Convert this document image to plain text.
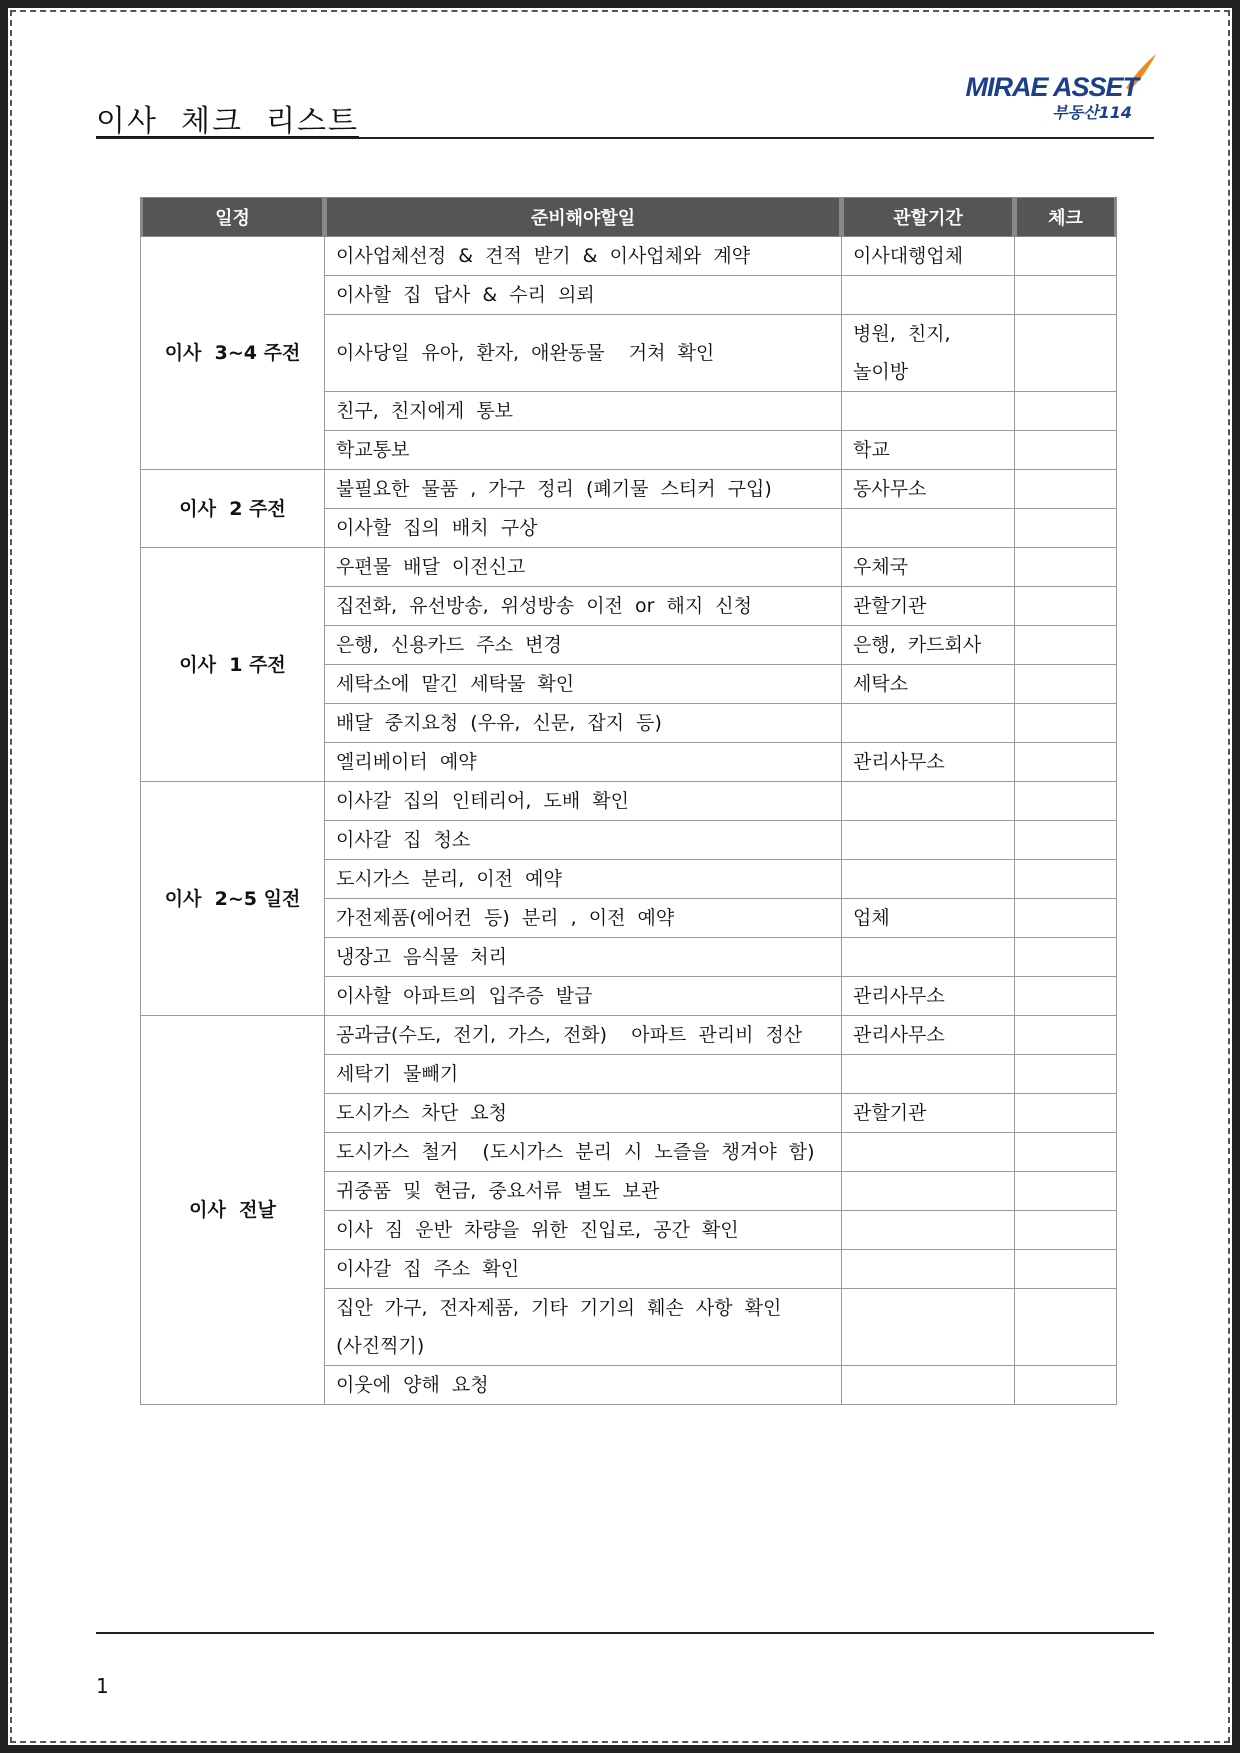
MIRAE ASSET
부동산114
이사  체크  리스트
일정	준비해야할일	관할기간	체크
이사  3~4 주전	이사업체선정  &  견적  받기  &  이사업체와  계약	이사대행업체	

	이사할  집  답사  &  수리  의뢰		

	이사당일  유아,  환자,  애완동물    거쳐  확인	병원,  친지,
놀이방	

	친구,  친지에게  통보		

	학교통보	학교	

이사  2 주전	불필요한  물품  ,  가구  정리  (폐기물  스티커  구입)	동사무소	

	이사할  집의  배치  구상		

이사  1 주전	우편물  배달  이전신고	우체국	

	집전화,  유선방송,  위성방송  이전  or  해지  신청	관할기관	

	은행,  신용카드  주소  변경	은행,  카드회사	

	세탁소에  맡긴  세탁물  확인	세탁소	

	배달  중지요청  (우유,  신문,  잡지  등)		

	엘리베이터  예약	관리사무소	

이사  2~5 일전	이사갈  집의  인테리어,  도배  확인		

	이사갈  집  청소		

	도시가스  분리,  이전  예약		

	가전제품(에어컨  등)  분리  ,  이전  예약	업체	

	냉장고  음식물  처리		

	이사할  아파트의  입주증  발급	관리사무소	

이사  전날	공과금(수도,  전기,  가스,  전화)    아파트  관리비  정산	관리사무소	

	세탁기  물빼기		

	도시가스  차단  요청	관할기관	

	도시가스  철거    (도시가스  분리  시  노즐을  챙겨야  함)		

	귀중품  및  현금,  중요서류  별도  보관		

	이사  짐  운반  차량을  위한  진입로,  공간  확인		

	이사갈  집  주소  확인		

	집안  가구,  전자제품,  기타  기기의  훼손  사항  확인
(사진찍기)		

	이웃에  양해  요청		

1
